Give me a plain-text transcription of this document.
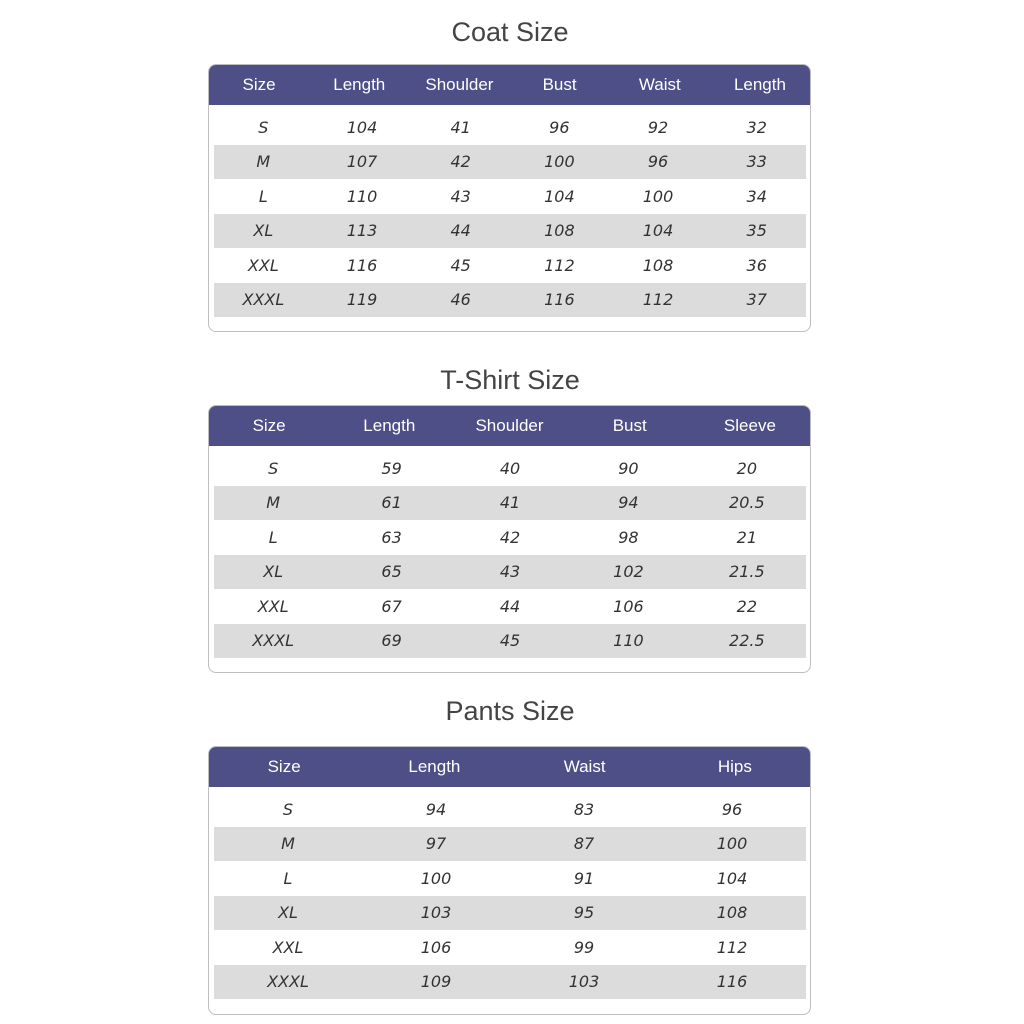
Coat Size
Size	Length	Shoulder	Bust	Waist	Length
S	104	41	96	92	32
M	107	42	100	96	33
L	110	43	104	100	34
XL	113	44	108	104	35
XXL	116	45	112	108	36
XXXL	119	46	116	112	37
T-Shirt Size
Size	Length	Shoulder	Bust	Sleeve
S	59	40	90	20
M	61	41	94	20.5
L	63	42	98	21
XL	65	43	102	21.5
XXL	67	44	106	22
XXXL	69	45	110	22.5
Pants Size
Size	Length	Waist	Hips
S	94	83	96
M	97	87	100
L	100	91	104
XL	103	95	108
XXL	106	99	112
XXXL	109	103	116
